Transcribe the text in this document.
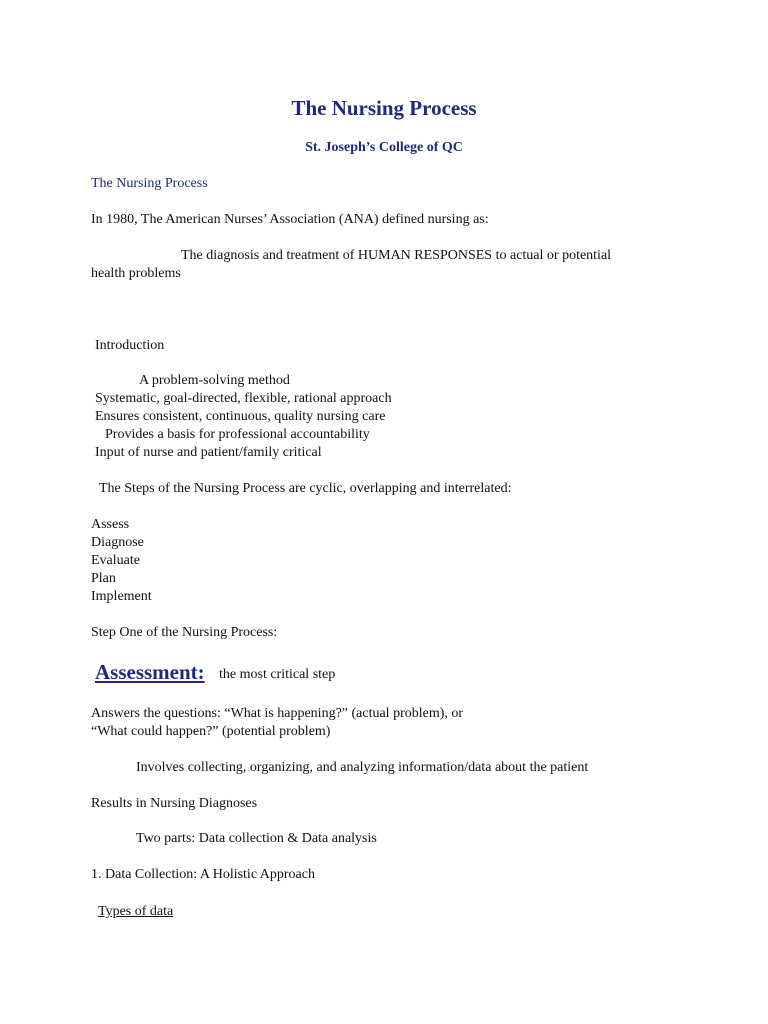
The Nursing Process
St. Joseph’s College of QC
The Nursing Process
In 1980, The American Nurses’ Association (ANA) defined nursing as:
The diagnosis and treatment of HUMAN RESPONSES to actual or potential
health problems
Introduction
A problem-solving method
Systematic, goal-directed, flexible, rational approach
Ensures consistent, continuous, quality nursing care
Provides a basis for professional accountability
Input of nurse and patient/family critical
The Steps of the Nursing Process are cyclic, overlapping and interrelated:
Assess
Diagnose
Evaluate
Plan
Implement
Step One of the Nursing Process:
Assessment: the most critical step
Answers the questions: “What is happening?” (actual problem), or
“What could happen?” (potential problem)
Involves collecting, organizing, and analyzing information/data about the patient
Results in Nursing Diagnoses
Two parts: Data collection & Data analysis
1. Data Collection: A Holistic Approach
Types of data
